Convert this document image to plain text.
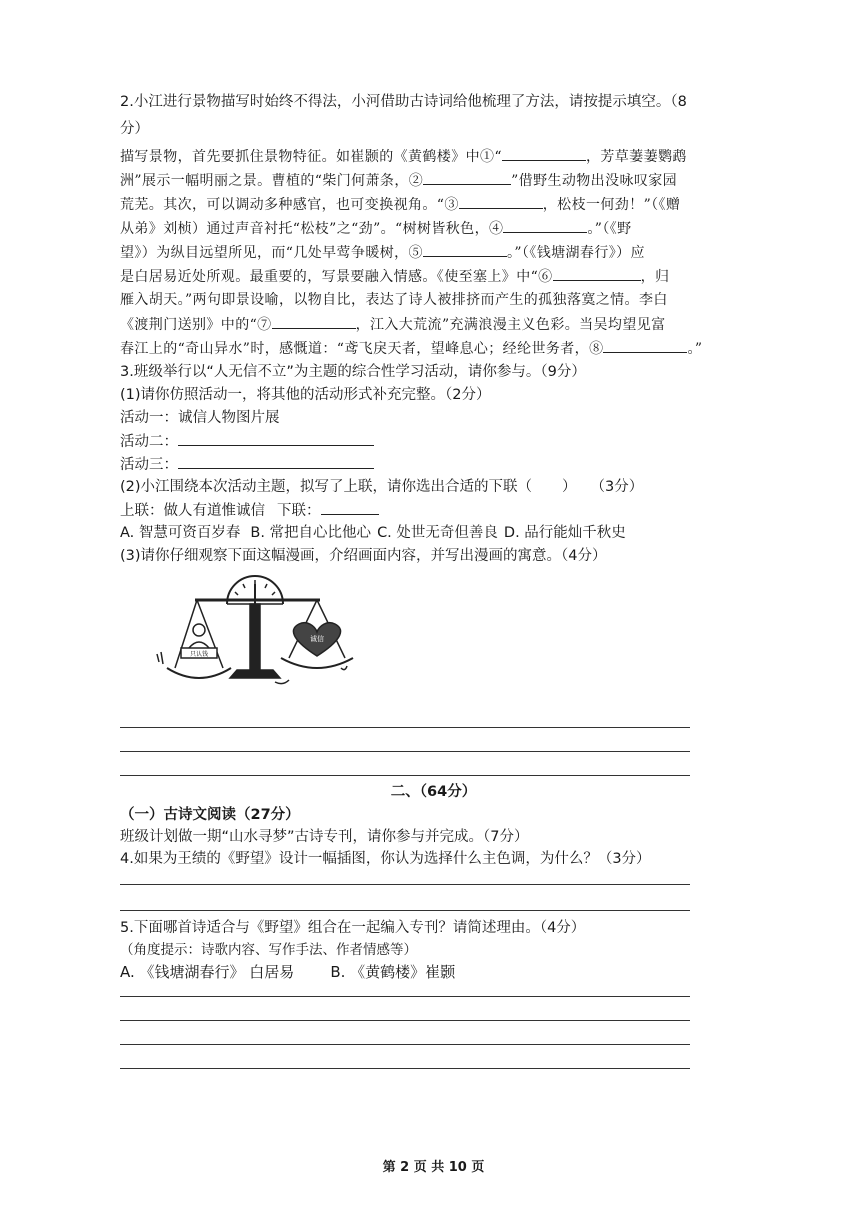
2.小江进行景物描写时始终不得法，小河借助古诗词给他梳理了方法，请按提示填空。（8
分）
描写景物，首先要抓住景物特征。如崔颢的《黄鹤楼》中①“	，芳草萋萋鹦鹉
洲”展示一幅明丽之景。曹植的“柴门何萧条，②	”借野生动物出没咏叹家园
荒芜。其次，可以调动多种感官，也可变换视角。“③	，松枝一何劲！”（《赠
从弟》刘桢）通过声音衬托“松枝”之“劲”。“树树皆秋色，④	。”（《野
望》）为纵目远望所见，而“几处早莺争暖树，⑤	。”（《钱塘湖春行》）应
是白居易近处所观。最重要的，写景要融入情感。《使至塞上》中“⑥	，归
雁入胡天。”两句即景设喻，以物自比，表达了诗人被排挤而产生的孤独落寞之情。李白
《渡荆门送别》中的“⑦	，江入大荒流”充满浪漫主义色彩。当吴均望见富
春江上的“奇山异水”时，感慨道：“鸢飞戾天者，望峰息心；经纶世务者，⑧	。”
3.班级举行以“人无信不立”为主题的综合性学习活动，请你参与。（9分）
(1)请你仿照活动一，将其他的活动形式补充完整。（2分）
活动一：诚信人物图片展
活动二：
活动三：
(2)小江围绕本次活动主题，拟写了上联，请你选出合适的下联（ ） （3分）
上联：做人有道惟诚信 下联：
A. 智慧可资百岁春 B. 常把自心比他心 C. 处世无奇但善良 D. 品行能灿千秋史
(3)请你仔细观察下面这幅漫画，介绍画面内容，并写出漫画的寓意。（4分）
只认钱
诚信
二、（64分）
（一）古诗文阅读（27分）
班级计划做一期“山水寻梦”古诗专刊，请你参与并完成。（7分）
4.如果为王绩的《野望》设计一幅插图，你认为选择什么主色调，为什么？（3分）
5.下面哪首诗适合与《野望》组合在一起编入专刊？请简述理由。（4分）
（角度提示：诗歌内容、写作手法、作者情感等）
A. 《钱塘湖春行》 白居易 B. 《黄鹤楼》崔颢
第 2 页 共 10 页
